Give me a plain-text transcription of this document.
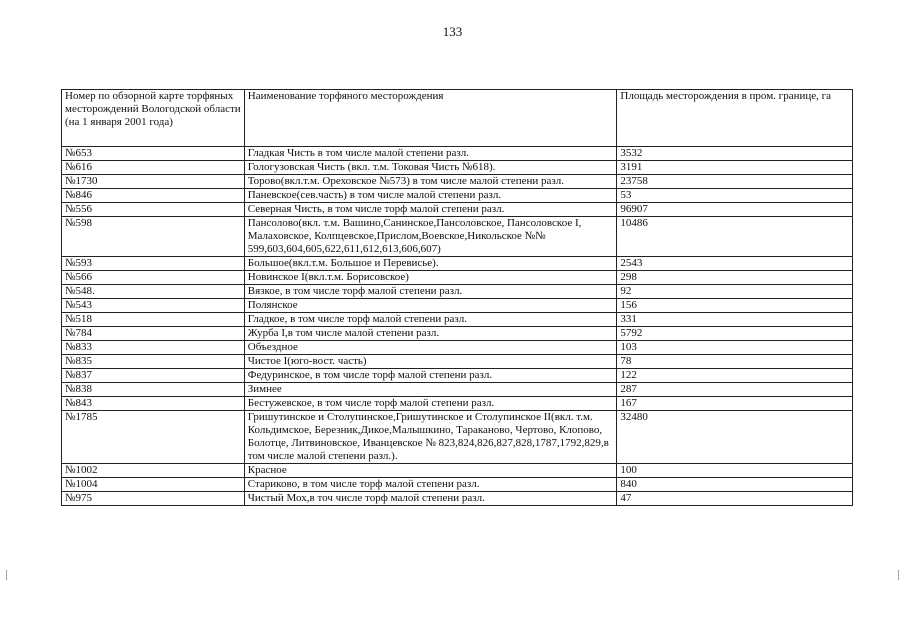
133
Номер по обзорной карте торфяных месторождений Вологодской области (на 1 января 2001 года)	Наименование торфяного месторождения	Площадь месторождения в пром. границе, га
№653	Гладкая Чисть в том числе малой степени разл.	3532
№616	Гологузовская Чисть (вкл. т.м. Токовая Чисть №618).	3191
№1730	Торово(вкл.т.м. Ореховское №573) в том числе малой степени разл.	23758
№846	Паневское(сев.часть) в том числе малой степени разл.	53
№556	Северная Чисть, в том числе торф малой степени разл.	96907
№598	Пансолово(вкл. т.м. Вашино,Санинское,Пансоловское, Пансоловское I, Малаховское, Колпцевское,Прислом,Воевское,Никольское №№ 599,603,604,605,622,611,612,613,606,607)	10486
№593	Большое(вкл.т.м. Большое и Перевисье).	2543
№566	Новинское I(вкл.т.м. Борисовское)	298
№548.	Вязкое, в том числе торф малой степени разл.	92
№543	Полянское	156
№518	Гладкое, в том числе торф малой степени разл.	331
№784	Журба I,в том числе малой степени разл.	5792
№833	Объездное	103
№835	Чистое I(юго-вост. часть)	78
№837	Федуринское, в том числе торф малой степени разл.	122
№838	Зимнее	287
№843	Бестужевское, в том числе торф малой степени разл.	167
№1785	Гришутинское и Столупинское,Гришутинское и Столупинское II(вкл. т.м. Кольдимское, Березник,Дикое,Малышкино, Тараканово, Чертово, Клопово, Болотце, Литвиновское, Иванцевское № 823,824,826,827,828,1787,1792,829,в том числе малой степени разл.).	32480
№1002	Красное	100
№1004	Стариково, в том числе торф малой степени разл.	840
№975	Чистый Мох,в точ числе торф малой степени разл.	47
